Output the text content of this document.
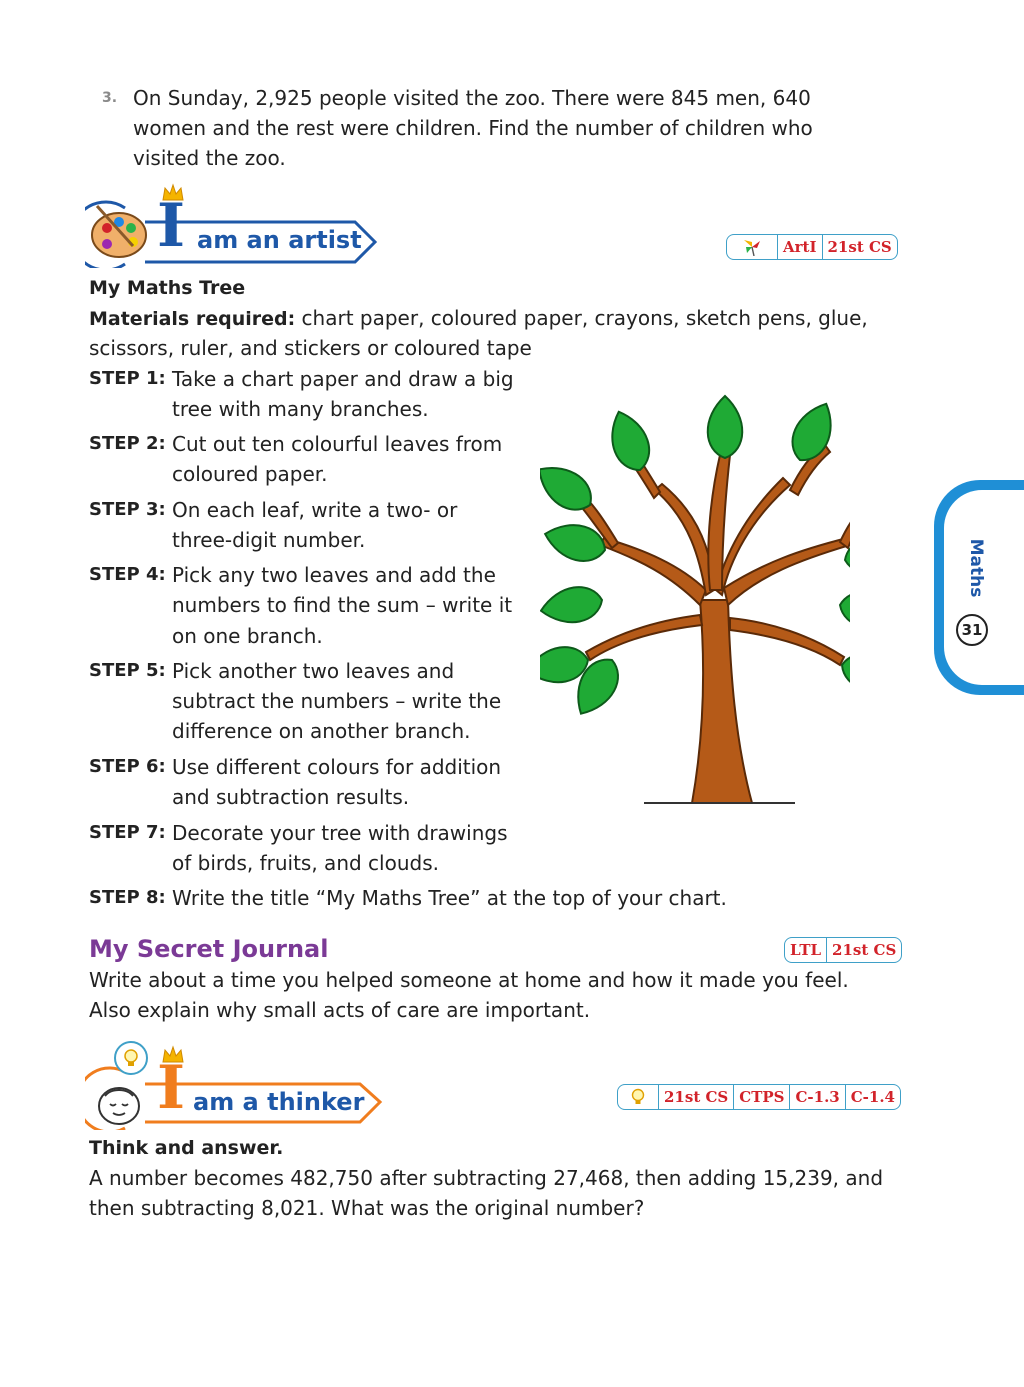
3. On Sunday, 2,925 people visited the zoo. There were 845 men, 640
women and the rest were children. Find the number of children who
visited the zoo.
I am an artist	ArtI 21st CS
My Maths Tree
Materials required: chart paper, coloured paper, crayons, sketch pens, glue,
scissors, ruler, and stickers or coloured tape
STEP 1: Take a chart paper and draw a big
tree with many branches.
STEP 2: Cut out ten colourful leaves from
coloured paper.
STEP 3: On each leaf, write a two- or
three-digit number.
STEP 4: Pick any two leaves and add the
numbers to find the sum – write it
on one branch.
STEP 5: Pick another two leaves and
subtract the numbers – write the
difference on another branch.
STEP 6: Use different colours for addition
and subtraction results.
STEP 7: Decorate your tree with drawings
of birds, fruits, and clouds.
STEP 8: Write the title “My Maths Tree” at the top of your chart.
My Secret Journal	LTL 21st CS
Write about a time you helped someone at home and how it made you feel.
Also explain why small acts of care are important.
I am a thinker	21st CS CTPS C-1.3 C-1.4
Think and answer.
A number becomes 482,750 after subtracting 27,468, then adding 15,239, and
then subtracting 8,021. What was the original number?
Maths
31
